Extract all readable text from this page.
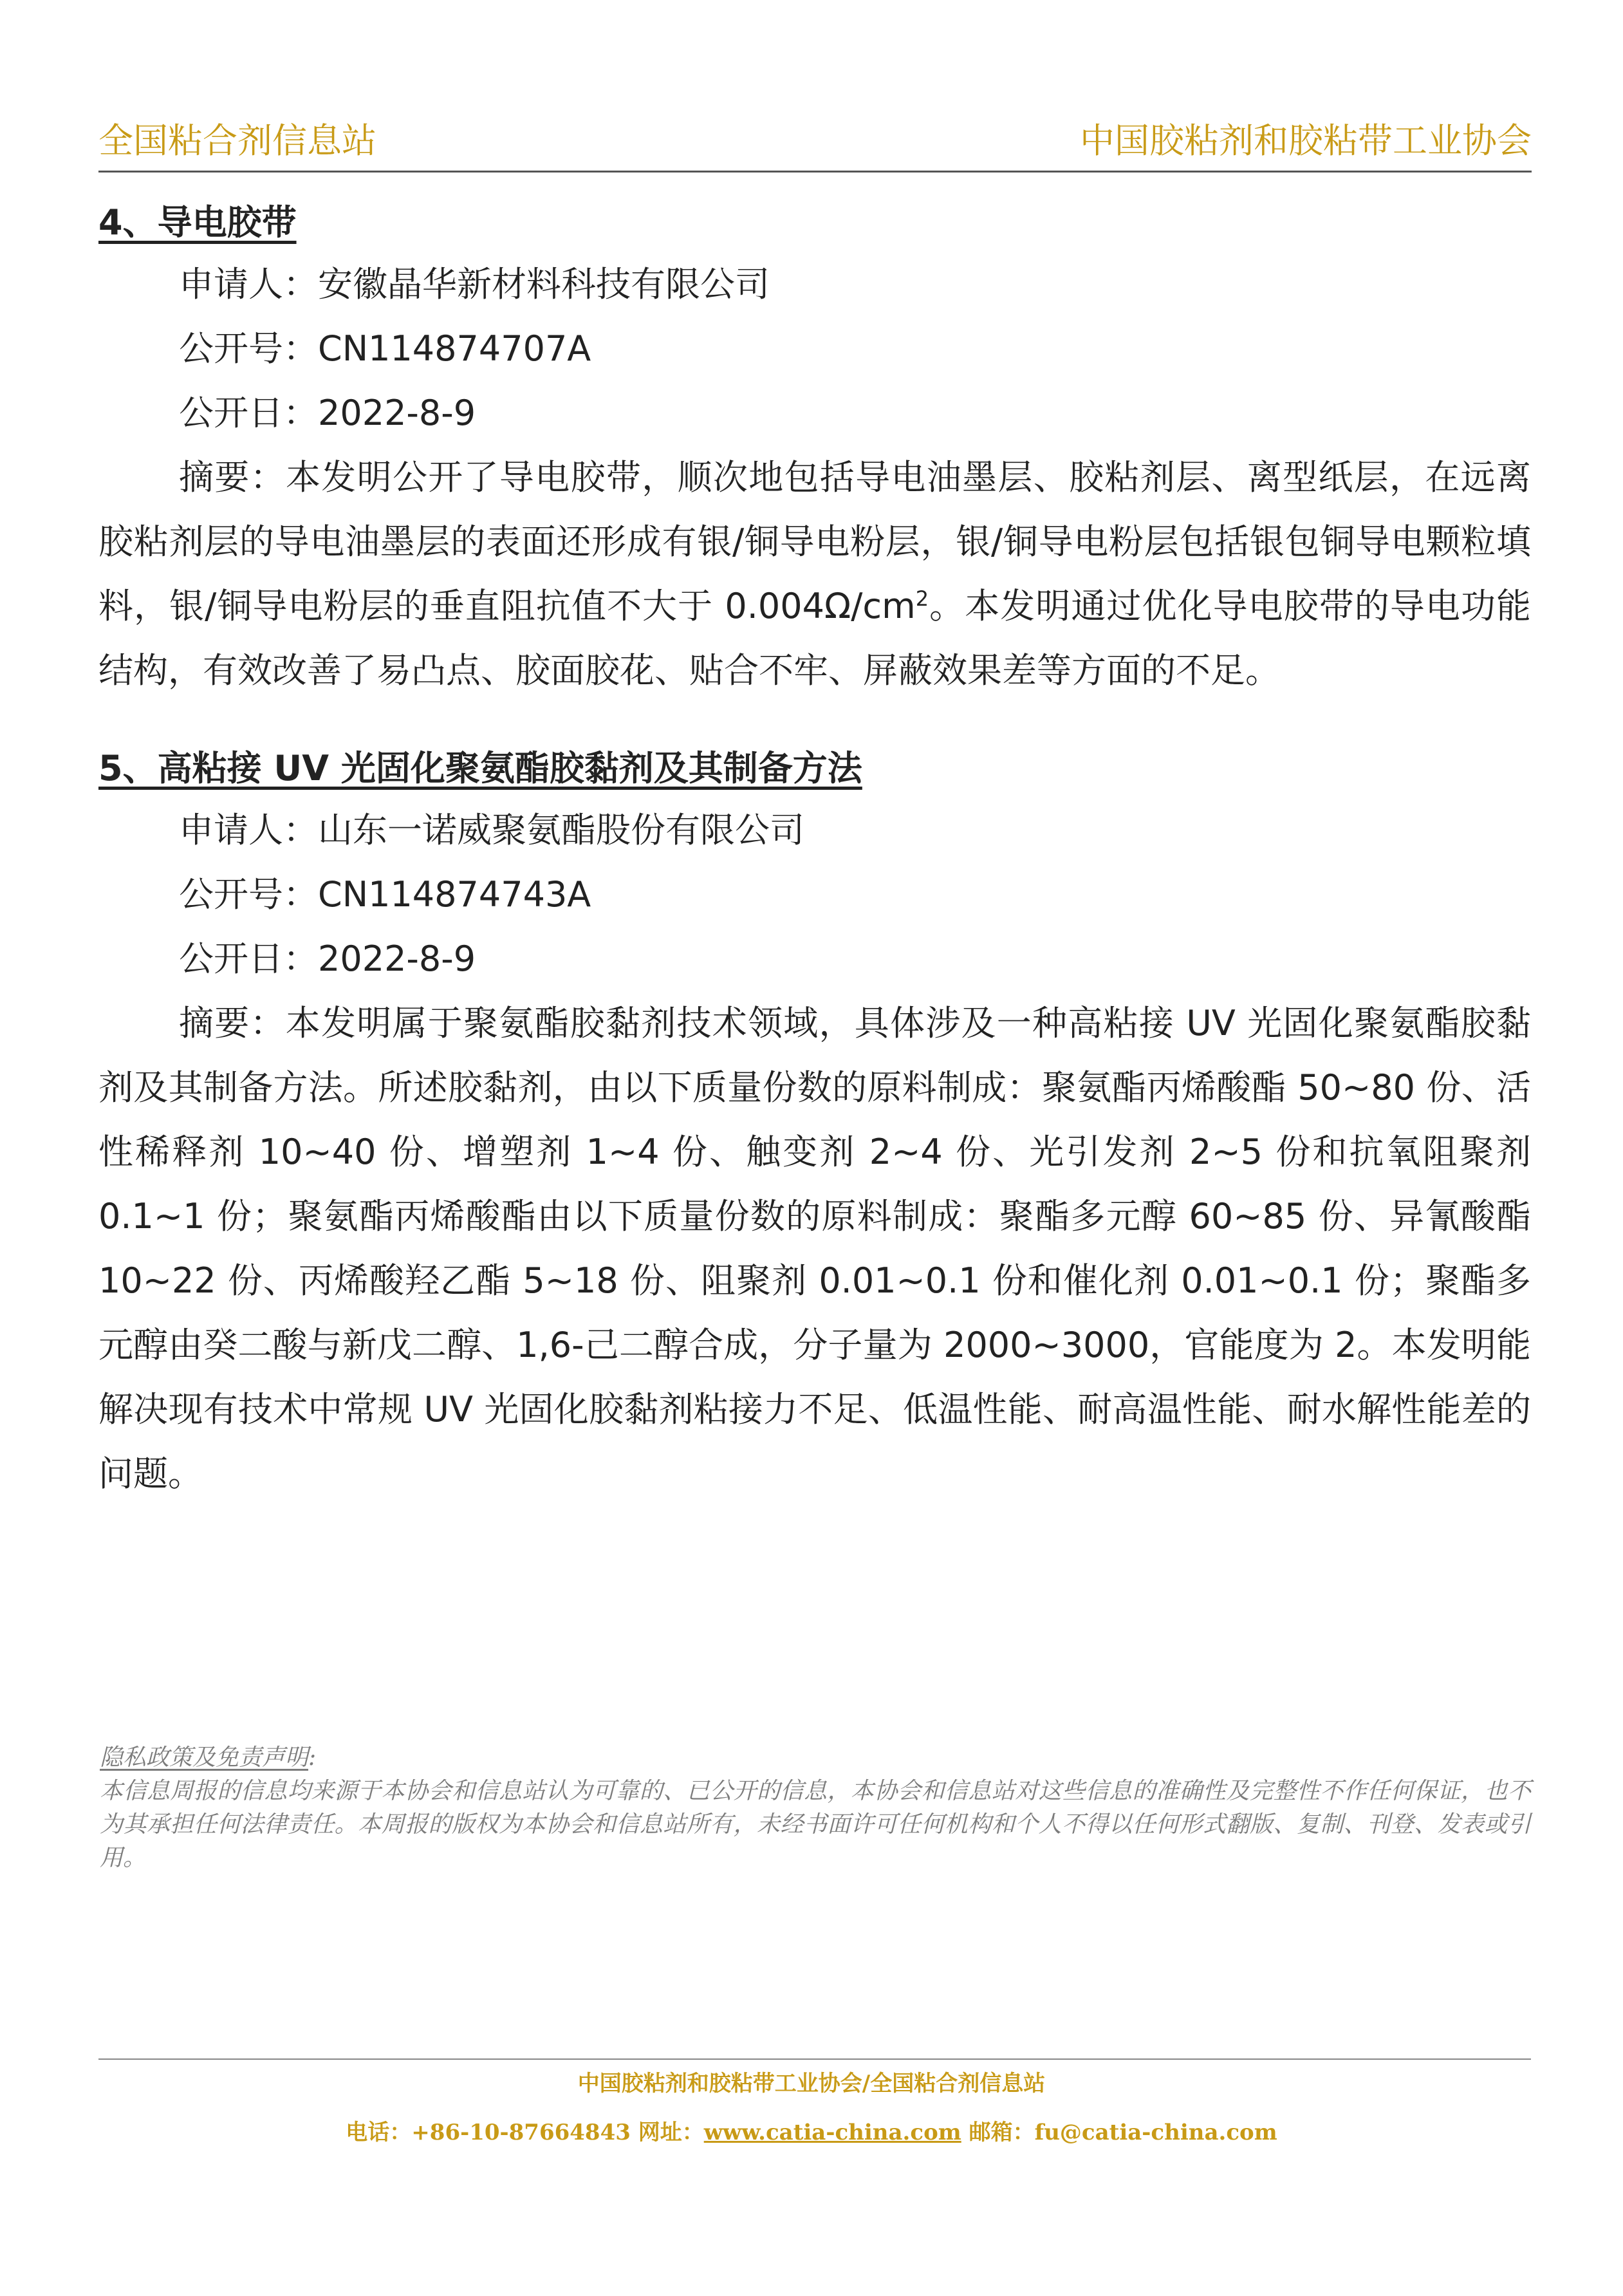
全国粘合剂信息站	中国胶粘剂和胶粘带工业协会
4、导电胶带
申请人：安徽晶华新材料科技有限公司
公开号：CN114874707A
公开日：2022-8-9

摘要：本发明公开了导电胶带，顺次地包括导电油墨层、胶粘剂层、离型纸层，在远离胶粘剂层的导电油墨层的表面还形成有银/铜导电粉层，银/铜导电粉层包括银包铜导电颗粒填料，银/铜导电粉层的垂直阻抗值不大于 $0.004\Omega/cm^2$。本发明通过优化导电胶带的导电功能结构，有效改善了易凸点、胶面胶花、贴合不牢、屏蔽效果差等方面的不足。

5、高粘接 UV 光固化聚氨酯胶黏剂及其制备方法
申请人：山东一诺威聚氨酯股份有限公司
公开号：CN114874743A
公开日：2022-8-9

摘要：本发明属于聚氨酯胶黏剂技术领域，具体涉及一种高粘接 UV 光固化聚氨酯胶黏剂及其制备方法。所述胶黏剂，由以下质量份数的原料制成：聚氨酯丙烯酸酯 50~80 份、活性稀释剂 10~40 份、增塑剂 1~4 份、触变剂 2~4 份、光引发剂 2~5 份和抗氧阻聚剂 0.1~1 份；聚氨酯丙烯酸酯由以下质量份数的原料制成：聚酯多元醇 60~85 份、异氰酸酯 10~22 份、丙烯酸羟乙酯 5~18 份、阻聚剂 0.01~0.1 份和催化剂 0.01~0.1 份；聚酯多元醇由癸二酸与新戊二醇、1,6-己二醇合成，分子量为 2000~3000，官能度为 2。本发明能解决现有技术中常规 UV 光固化胶黏剂粘接力不足、低温性能、耐高温性能、耐水解性能差的问题。

隐私政策及免责声明:

本信息周报的信息均来源于本协会和信息站认为可靠的、已公开的信息，本协会和信息站对这些信息的准确性及完整性不作任何保证，也不为其承担任何法律责任。本周报的版权为本协会和信息站所有，未经书面许可任何机构和个人不得以任何形式翻版、复制、刊登、发表或引用。

中国胶粘剂和胶粘带工业协会/全国粘合剂信息站
电话：+86-10-87664843 网址：www.catia-china.com 邮箱：fu@catia-china.com
